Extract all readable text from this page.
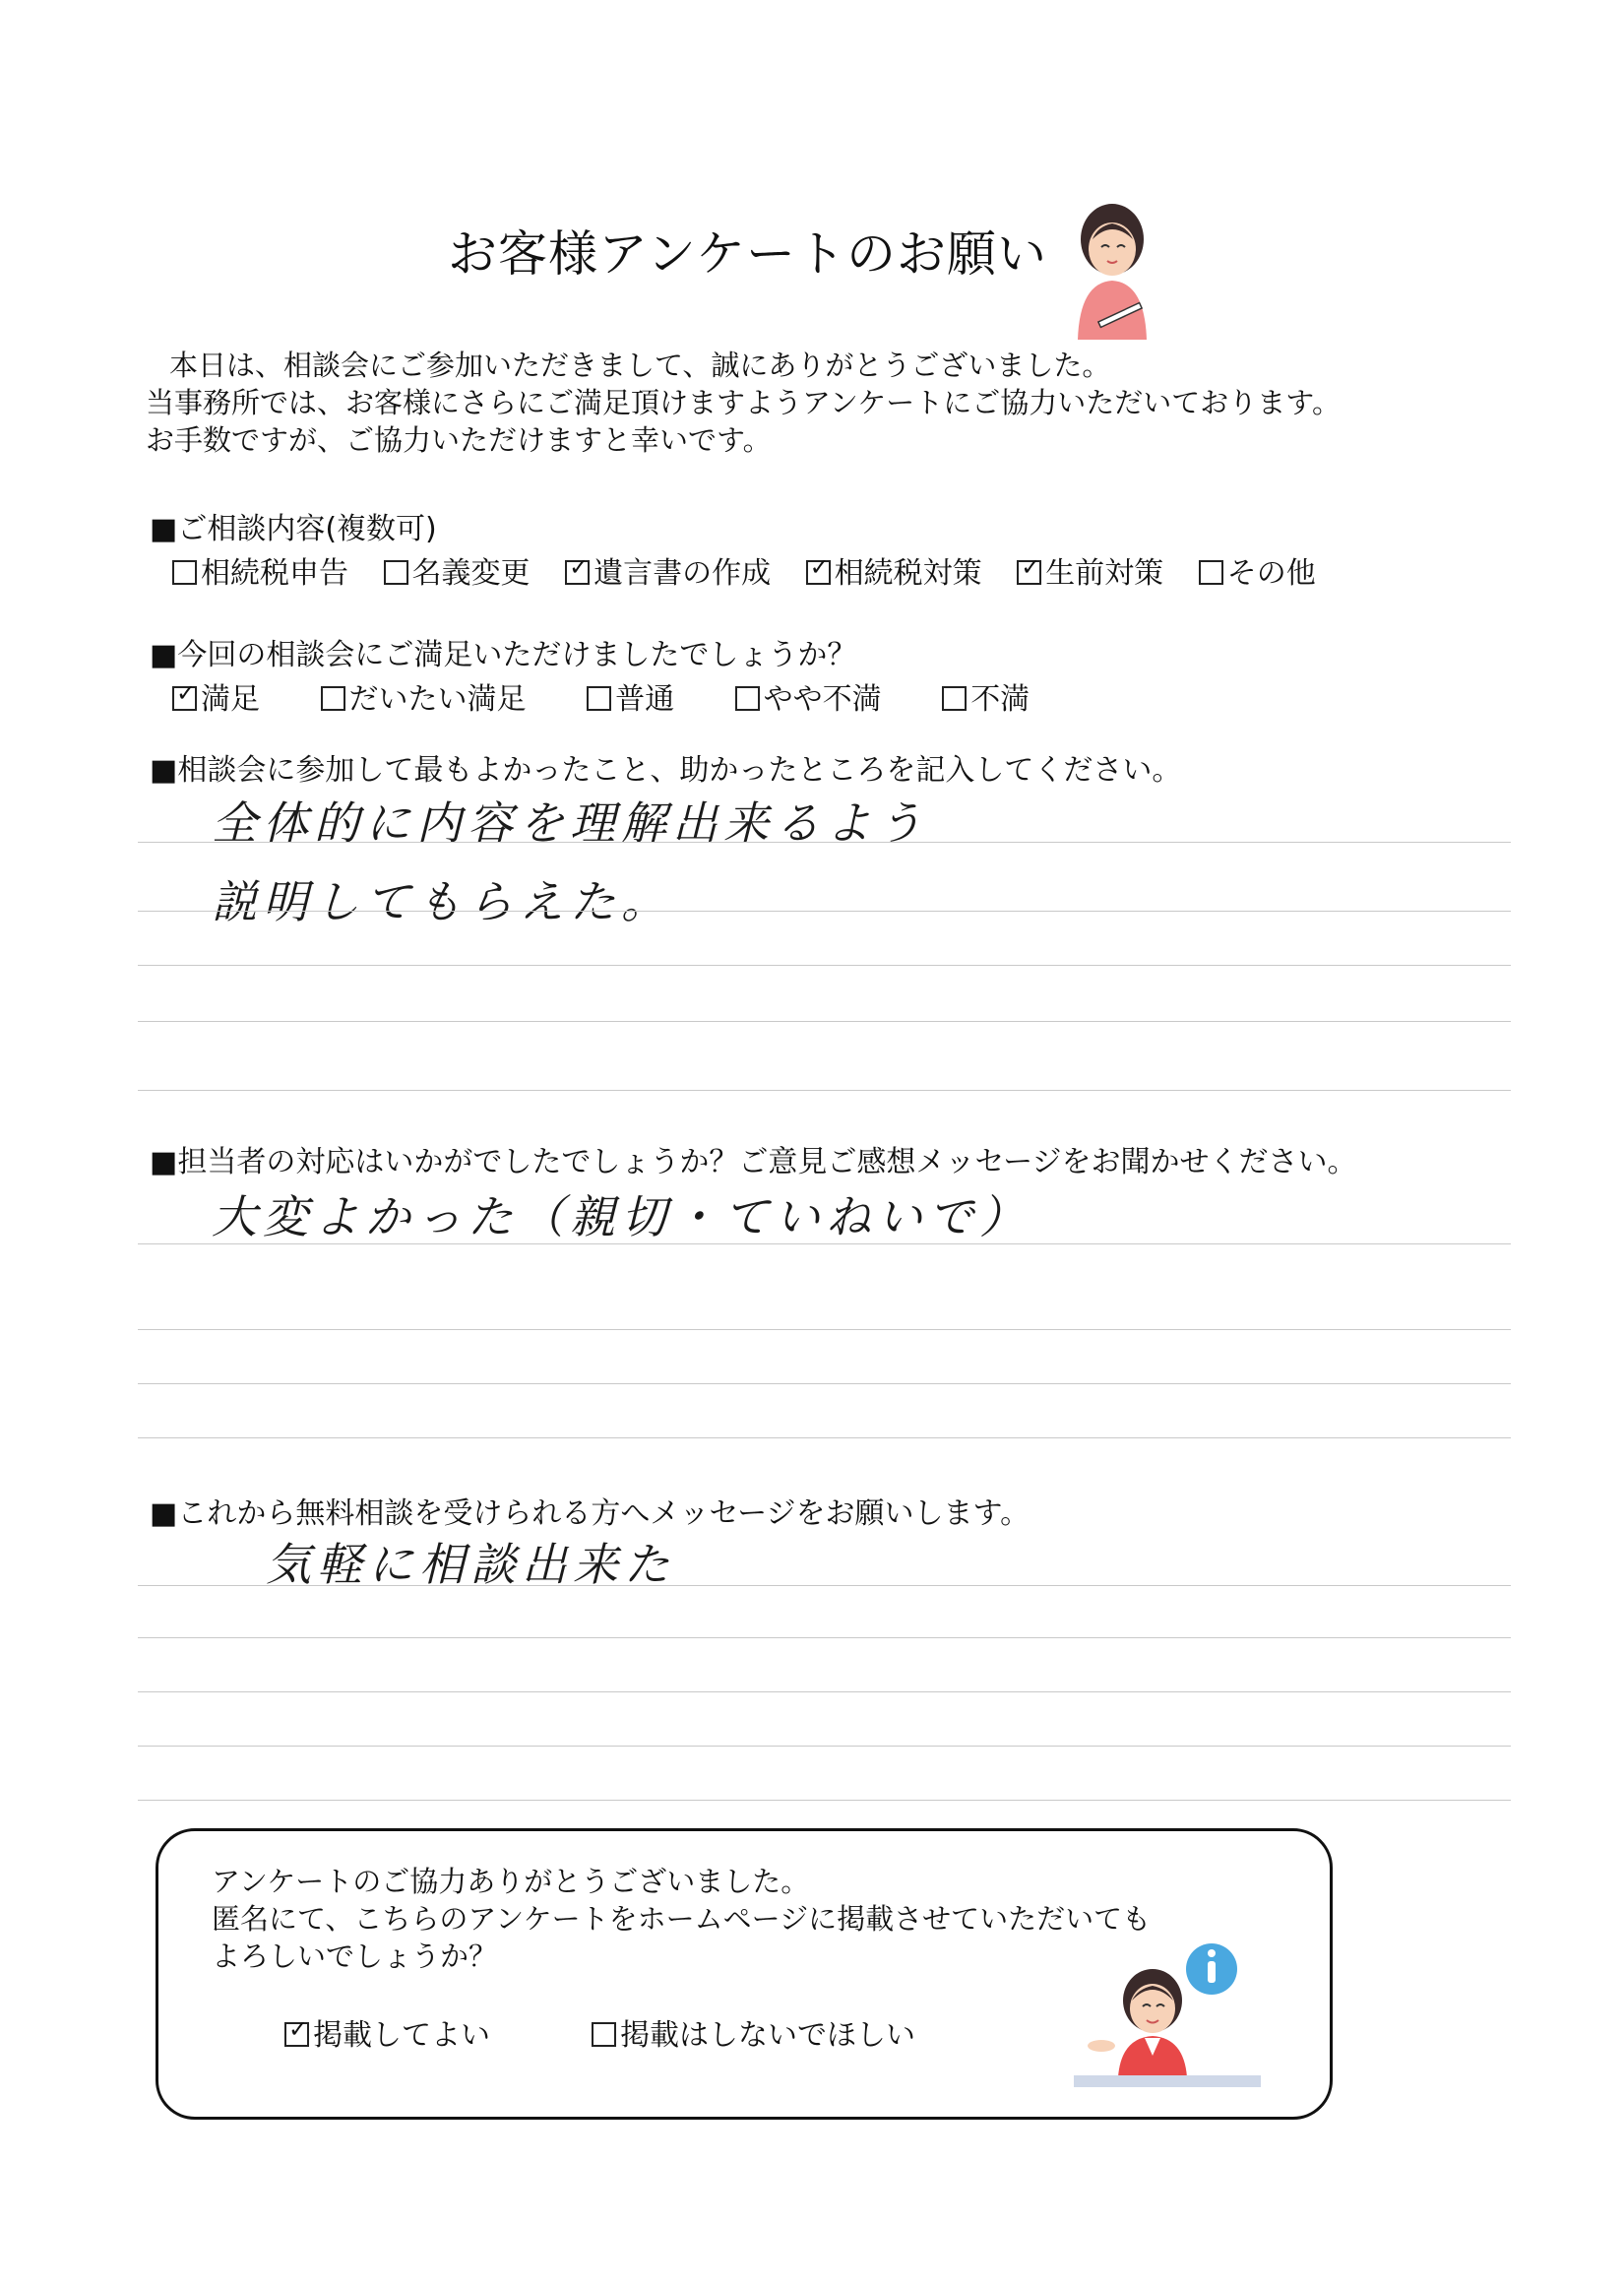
お客様アンケートのお願い
本日は、相談会にご参加いただきまして、誠にありがとうございました。
当事務所では、お客様にさらにご満足頂けますようアンケートにご協力いただいております。
お手数ですが、ご協力いただけますと幸いです。
■ご相談内容(複数可)
相続税申告 名義変更 ✓ 遺言書の作成 ✓ 相続税対策 ✓ 生前対策 その他
■今回の相談会にご満足いただけましたでしょうか？
✓満足	だいたい満足	普通	やや不満	不満
■相談会に参加して最もよかったこと、助かったところを記入してください。
全体的に内容を理解出来るよう
説明してもらえた。
■担当者の対応はいかがでしたでしょうか？ご意見ご感想メッセージをお聞かせください。
大変よかった（親切・ていねいで）
■これから無料相談を受けられる方へメッセージをお願いします。
気軽に相談出来た
アンケートのご協力ありがとうございました。
匿名にて、こちらのアンケートをホームページに掲載させていただいても
よろしいでしょうか？
✓掲載してよい	掲載はしないでほしい
